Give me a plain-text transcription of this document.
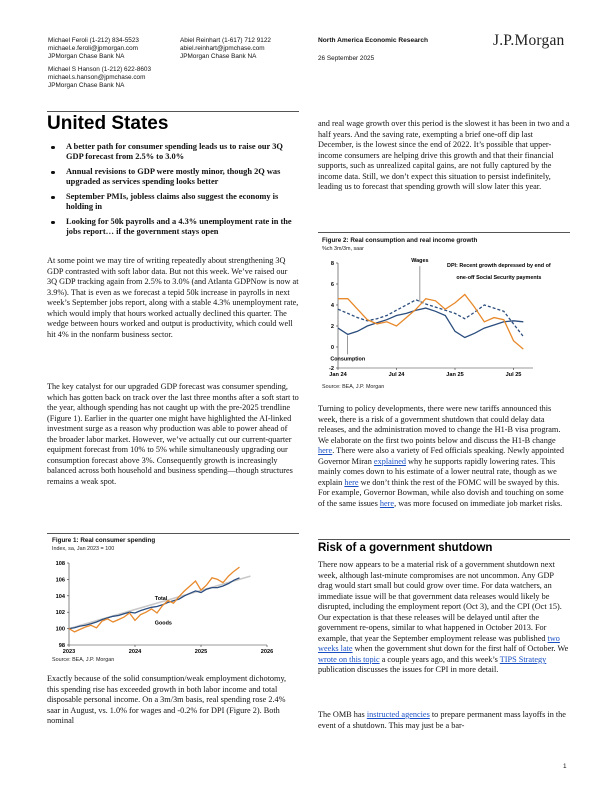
Michael Feroli (1-212) 834-5523
michael.e.feroli@jpmorgan.com
JPMorgan Chase Bank NA
Michael S Hanson (1-212) 622-8603
michael.s.hanson@jpmchase.com
JPMorgan Chase Bank NA
Abiel Reinhart (1-617) 712 9122
abiel.reinhart@jpmchase.com
JPMorgan Chase Bank NA
North America Economic Research
26 September 2025
J.P.Morgan
United States
A better path for consumer spending leads us to raise our 3Q GDP forecast from 2.5% to 3.0%
Annual revisions to GDP were mostly minor, though 2Q was upgraded as services spending looks better
September PMIs, jobless claims also suggest the economy is holding in
Looking for 50k payrolls and a 4.3% unemployment rate in the jobs report… if the government stays open
At some point we may tire of writing repeatedly about strengthening 3Q GDP contrasted with soft labor data. But not this week. We’ve raised our 3Q GDP tracking again from 2.5% to 3.0% (and Atlanta GDPNow is now at 3.9%). That is even as we forecast a tepid 50k increase in payrolls in next week’s September jobs report, along with a stable 4.3% unemployment rate, which would imply that hours worked actually declined this quarter. The wedge between hours worked and output is productivity, which could well hit 4% in the nonfarm business sector.
The key catalyst for our upgraded GDP forecast was consumer spending, which has gotten back on track over the last three months after a soft start to the year, although spending has not caught up with the pre-2025 trendline (Figure 1). Earlier in the quarter one might have highlighted the AI-linked investment surge as a reason why production was able to power ahead of the broader labor market. However, we’ve actually cut our current-quarter equipment forecast from 10% to 5% while simultaneously upgrading our consumption forecast above 3%. Consequently growth is increasingly balanced across both household and business spending—though structures remains a weak spot.
Figure 1: Real consumer spending
Index, sa, Jan 2023 = 100
98
100
102
104
106
108
2023	2024	2025	2026
Total
Goods
Source: BEA, J.P. Morgan
Exactly because of the solid consumption/weak employment dichotomy, this spending rise has exceeded growth in both labor income and total disposable personal income. On a 3m/3m basis, real spending rose 2.4% saar in August, vs. 1.0% for wages and -0.2% for DPI (Figure 2). Both nominal
and real wage growth over this period is the slowest it has been in two and a half years. And the saving rate, exempting a brief one-off dip last December, is the lowest since the end of 2022. It’s possible that upper-income consumers are helping drive this growth and that their financial supports, such as unrealized capital gains, are not fully captured by the income data. Still, we don’t expect this situation to persist indefinitely, leading us to forecast that spending growth will slow later this year.
Figure 2: Real consumption and real income growth
%ch 3m/3m, saar
-2
0
2
4
6
8
Jan 24	Jul 24	Jan 25	Jul 25
Wages
DPI: Recent growth depressed by end of
one-off Social Security payments
Consumption
Source: BEA, J.P. Morgan
Turning to policy developments, there were new tariffs announced this week, there is a risk of a government shutdown that could delay data releases, and the administration moved to change the H1-B visa program. We elaborate on the first two points below and discuss the H1-B change here. There were also a variety of Fed officials speaking. Newly appointed Governor Miran explained why he supports rapidly lowering rates. This mainly comes down to his estimate of a lower neutral rate, though as we explain here we don’t think the rest of the FOMC will be swayed by this. For example, Governor Bowman, while also dovish and touching on some of the same issues here, was more focused on immediate job market risks.
Risk of a government shutdown
There now appears to be a material risk of a government shutdown next week, although last-minute compromises are not uncommon. Any GDP drag would start small but could grow over time. For data watchers, an immediate issue will be that government data releases would likely be disrupted, including the employment report (Oct 3), and the CPI (Oct 15). Our expectation is that these releases will be delayed until after the government re-opens, similar to what happened in October 2013. For example, that year the September employment release was published two weeks late when the government shut down for the first half of October. We wrote on this topic a couple years ago, and this week’s TIPS Strategy publication discusses the issues for CPI in more detail.
The OMB has instructed agencies to prepare permanent mass layoffs in the event of a shutdown. This may just be a bar-
1
